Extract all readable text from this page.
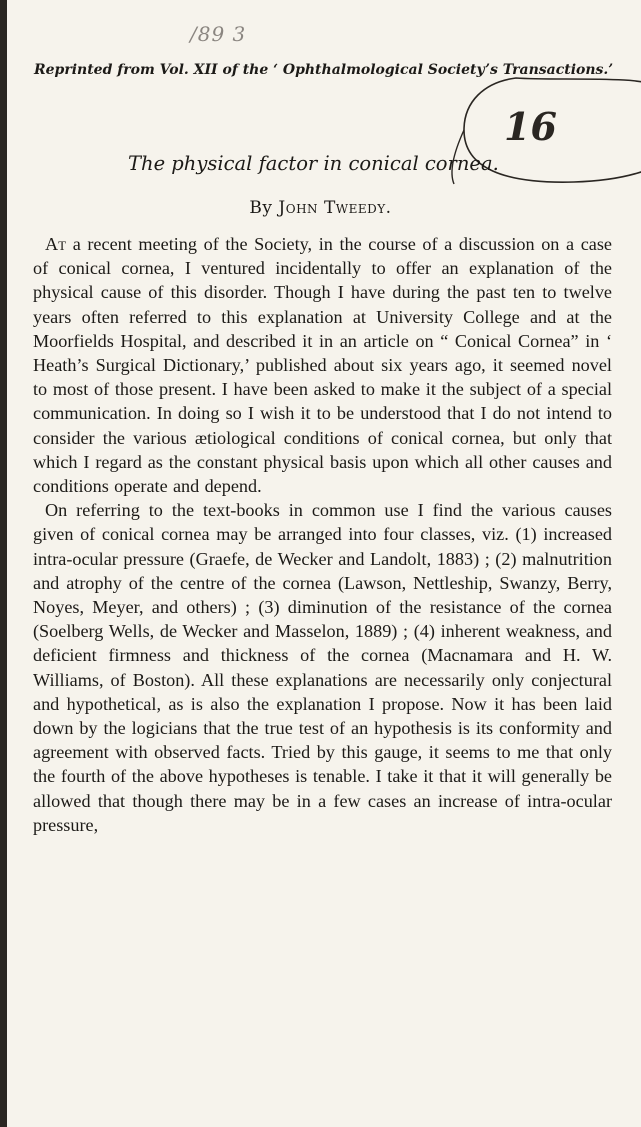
/89 3
Reprinted from Vol. XII of the ‘ Ophthalmological Society’s Transactions.’
16
The physical factor in conical cornea.
By John Tweedy.

At a recent meeting of the Society, in the course of a discussion on a case of conical cornea, I ventured incidentally to offer an explanation of the physical cause of this disorder. Though I have during the past ten to twelve years often referred to this explanation at University College and at the Moorfields Hospital, and described it in an article on “ Conical Cornea” in ‘ Heath’s Surgical Dictionary,’ published about six years ago, it seemed novel to most of those present. I have been asked to make it the subject of a special communication. In doing so I wish it to be understood that I do not intend to consider the various ætiological conditions of conical cornea, but only that which I regard as the constant physical basis upon which all other causes and conditions operate and depend.

On referring to the text-books in common use I find the various causes given of conical cornea may be arranged into four classes, viz. (1) increased intra-ocular pressure (Graefe, de Wecker and Landolt, 1883) ; (2) malnutrition and atrophy of the centre of the cornea (Lawson, Nettleship, Swanzy, Berry, Noyes, Meyer, and others) ; (3) diminution of the resistance of the cornea (Soelberg Wells, de Wecker and Masselon, 1889) ; (4) inherent weakness, and deficient firmness and thickness of the cornea (Macnamara and H. W. Williams, of Boston). All these explanations are necessarily only conjectural and hypothetical, as is also the explanation I propose. Now it has been laid down by the logicians that the true test of an hypothesis is its conformity and agreement with observed facts. Tried by this gauge, it seems to me that only the fourth of the above hypotheses is tenable. I take it that it will generally be allowed that though there may be in a few cases an increase of intra-ocular pressure,
